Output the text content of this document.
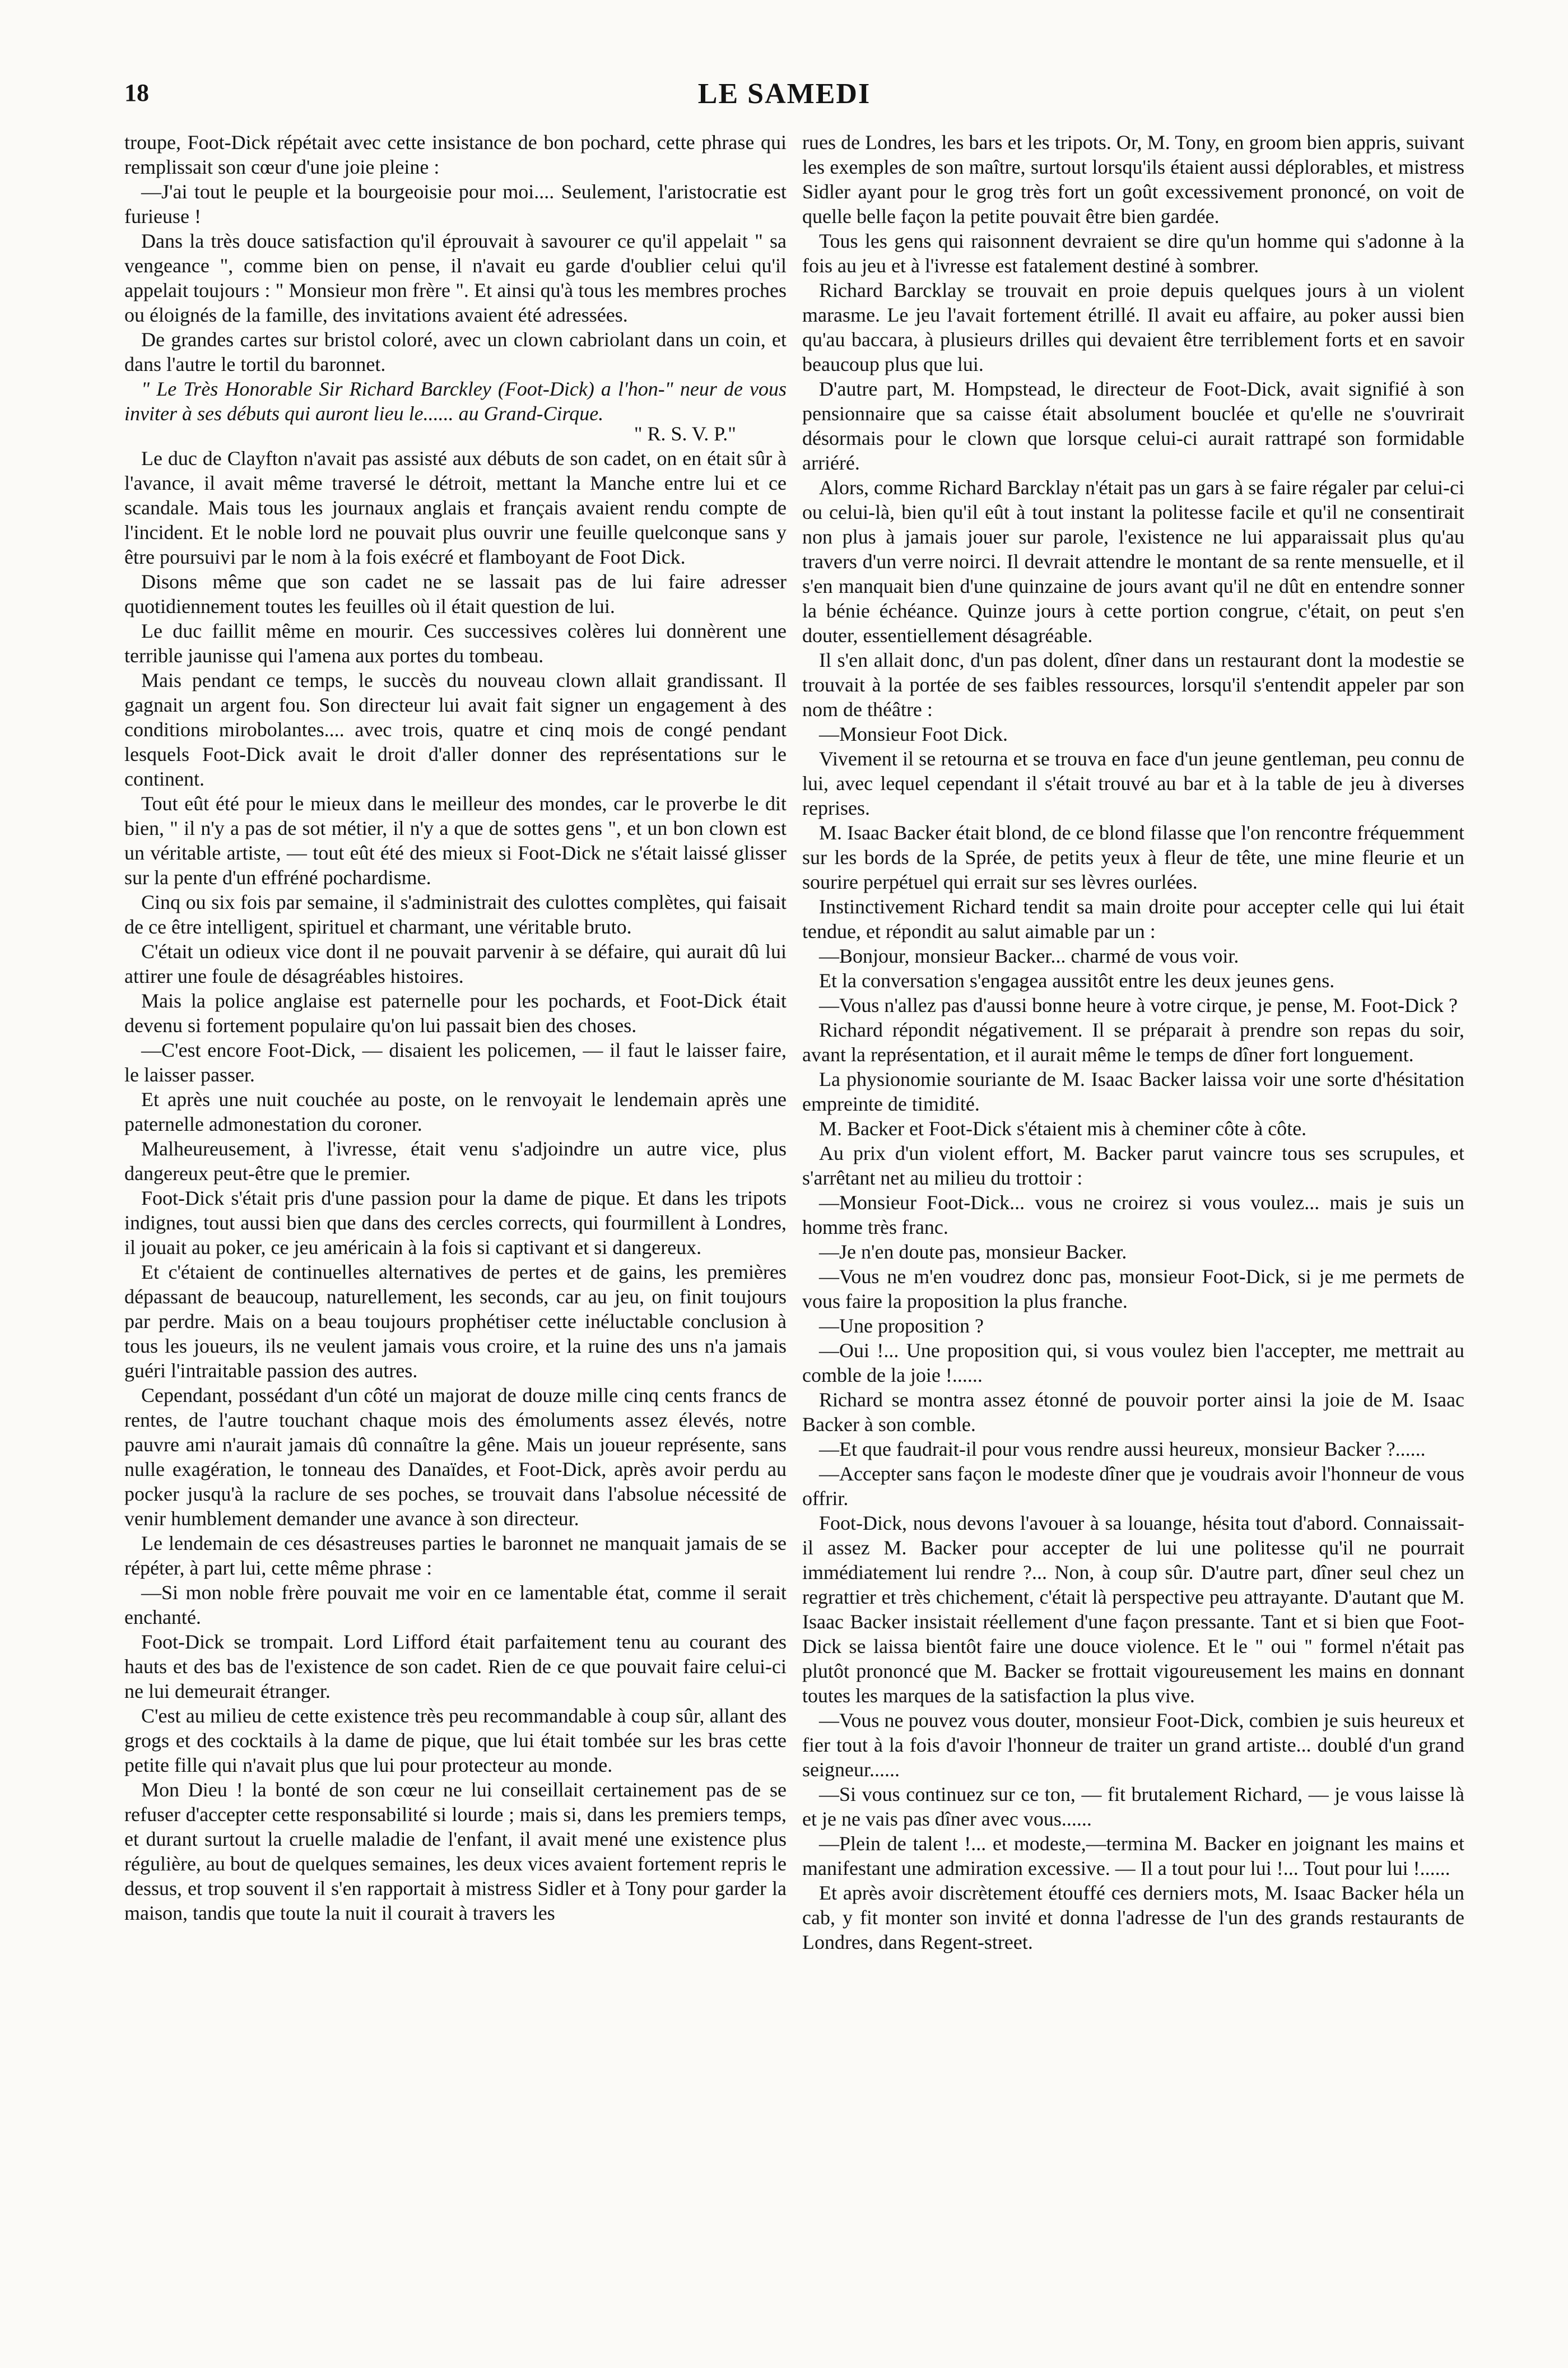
18	LE SAMEDI

troupe, Foot-Dick répétait avec cette insistance de bon pochard, cette phrase qui remplissait son cœur d'une joie pleine :

—J'ai tout le peuple et la bourgeoisie pour moi.... Seulement, l'aristocratie est furieuse !

Dans la très douce satisfaction qu'il éprouvait à savourer ce qu'il appelait " sa vengeance ", comme bien on pense, il n'avait eu garde d'oublier celui qu'il appelait toujours : " Monsieur mon frère ". Et ainsi qu'à tous les membres proches ou éloignés de la famille, des invitations avaient été adressées.

De grandes cartes sur bristol coloré, avec un clown cabriolant dans un coin, et dans l'autre le tortil du baronnet.

" Le Très Honorable Sir Richard Barckley (Foot-Dick) a l'hon-" neur de vous inviter à ses débuts qui auront lieu le...... au Grand-Cirque.

" R. S. V. P."

Le duc de Clayfton n'avait pas assisté aux débuts de son cadet, on en était sûr à l'avance, il avait même traversé le détroit, mettant la Manche entre lui et ce scandale. Mais tous les journaux anglais et français avaient rendu compte de l'incident. Et le noble lord ne pouvait plus ouvrir une feuille quelconque sans y être poursuivi par le nom à la fois exécré et flamboyant de Foot Dick.

Disons même que son cadet ne se lassait pas de lui faire adresser quotidiennement toutes les feuilles où il était question de lui.

Le duc faillit même en mourir. Ces successives colères lui donnèrent une terrible jaunisse qui l'amena aux portes du tombeau.

Mais pendant ce temps, le succès du nouveau clown allait grandissant. Il gagnait un argent fou. Son directeur lui avait fait signer un engagement à des conditions mirobolantes.... avec trois, quatre et cinq mois de congé pendant lesquels Foot-Dick avait le droit d'aller donner des représentations sur le continent.

Tout eût été pour le mieux dans le meilleur des mondes, car le proverbe le dit bien, " il n'y a pas de sot métier, il n'y a que de sottes gens ", et un bon clown est un véritable artiste, — tout eût été des mieux si Foot-Dick ne s'était laissé glisser sur la pente d'un effréné pochardisme.

Cinq ou six fois par semaine, il s'administrait des culottes complètes, qui faisait de ce être intelligent, spirituel et charmant, une véritable bruto.

C'était un odieux vice dont il ne pouvait parvenir à se défaire, qui aurait dû lui attirer une foule de désagréables histoires.

Mais la police anglaise est paternelle pour les pochards, et Foot-Dick était devenu si fortement populaire qu'on lui passait bien des choses.

—C'est encore Foot-Dick, — disaient les policemen, — il faut le laisser faire, le laisser passer.

Et après une nuit couchée au poste, on le renvoyait le lendemain après une paternelle admonestation du coroner.

Malheureusement, à l'ivresse, était venu s'adjoindre un autre vice, plus dangereux peut-être que le premier.

Foot-Dick s'était pris d'une passion pour la dame de pique. Et dans les tripots indignes, tout aussi bien que dans des cercles corrects, qui fourmillent à Londres, il jouait au poker, ce jeu américain à la fois si captivant et si dangereux.

Et c'étaient de continuelles alternatives de pertes et de gains, les premières dépassant de beaucoup, naturellement, les seconds, car au jeu, on finit toujours par perdre. Mais on a beau toujours prophétiser cette inéluctable conclusion à tous les joueurs, ils ne veulent jamais vous croire, et la ruine des uns n'a jamais guéri l'intraitable passion des autres.

Cependant, possédant d'un côté un majorat de douze mille cinq cents francs de rentes, de l'autre touchant chaque mois des émoluments assez élevés, notre pauvre ami n'aurait jamais dû connaître la gêne. Mais un joueur représente, sans nulle exagération, le tonneau des Danaïdes, et Foot-Dick, après avoir perdu au pocker jusqu'à la raclure de ses poches, se trouvait dans l'absolue nécessité de venir humblement demander une avance à son directeur.

Le lendemain de ces désastreuses parties le baronnet ne manquait jamais de se répéter, à part lui, cette même phrase :

—Si mon noble frère pouvait me voir en ce lamentable état, comme il serait enchanté.

Foot-Dick se trompait. Lord Lifford était parfaitement tenu au courant des hauts et des bas de l'existence de son cadet. Rien de ce que pouvait faire celui-ci ne lui demeurait étranger.

C'est au milieu de cette existence très peu recommandable à coup sûr, allant des grogs et des cocktails à la dame de pique, que lui était tombée sur les bras cette petite fille qui n'avait plus que lui pour protecteur au monde.

Mon Dieu ! la bonté de son cœur ne lui conseillait certainement pas de se refuser d'accepter cette responsabilité si lourde ; mais si, dans les premiers temps, et durant surtout la cruelle maladie de l'enfant, il avait mené une existence plus régulière, au bout de quelques semaines, les deux vices avaient fortement repris le dessus, et trop souvent il s'en rapportait à mistress Sidler et à Tony pour garder la maison, tandis que toute la nuit il courait à travers les

rues de Londres, les bars et les tripots. Or, M. Tony, en groom bien appris, suivant les exemples de son maître, surtout lorsqu'ils étaient aussi déplorables, et mistress Sidler ayant pour le grog très fort un goût excessivement prononcé, on voit de quelle belle façon la petite pouvait être bien gardée.

Tous les gens qui raisonnent devraient se dire qu'un homme qui s'adonne à la fois au jeu et à l'ivresse est fatalement destiné à sombrer.

Richard Barcklay se trouvait en proie depuis quelques jours à un violent marasme. Le jeu l'avait fortement étrillé. Il avait eu affaire, au poker aussi bien qu'au baccara, à plusieurs drilles qui devaient être terriblement forts et en savoir beaucoup plus que lui.

D'autre part, M. Hompstead, le directeur de Foot-Dick, avait signifié à son pensionnaire que sa caisse était absolument bouclée et qu'elle ne s'ouvrirait désormais pour le clown que lorsque celui-ci aurait rattrapé son formidable arriéré.

Alors, comme Richard Barcklay n'était pas un gars à se faire régaler par celui-ci ou celui-là, bien qu'il eût à tout instant la politesse facile et qu'il ne consentirait non plus à jamais jouer sur parole, l'existence ne lui apparaissait plus qu'au travers d'un verre noirci. Il devrait attendre le montant de sa rente mensuelle, et il s'en manquait bien d'une quinzaine de jours avant qu'il ne dût en entendre sonner la bénie échéance. Quinze jours à cette portion congrue, c'était, on peut s'en douter, essentiellement désagréable.

Il s'en allait donc, d'un pas dolent, dîner dans un restaurant dont la modestie se trouvait à la portée de ses faibles ressources, lorsqu'il s'entendit appeler par son nom de théâtre :

—Monsieur Foot Dick.

Vivement il se retourna et se trouva en face d'un jeune gentleman, peu connu de lui, avec lequel cependant il s'était trouvé au bar et à la table de jeu à diverses reprises.

M. Isaac Backer était blond, de ce blond filasse que l'on rencontre fréquemment sur les bords de la Sprée, de petits yeux à fleur de tête, une mine fleurie et un sourire perpétuel qui errait sur ses lèvres ourlées.

Instinctivement Richard tendit sa main droite pour accepter celle qui lui était tendue, et répondit au salut aimable par un :

—Bonjour, monsieur Backer... charmé de vous voir.

Et la conversation s'engagea aussitôt entre les deux jeunes gens.

—Vous n'allez pas d'aussi bonne heure à votre cirque, je pense, M. Foot-Dick ?

Richard répondit négativement. Il se préparait à prendre son repas du soir, avant la représentation, et il aurait même le temps de dîner fort longuement.

La physionomie souriante de M. Isaac Backer laissa voir une sorte d'hésitation empreinte de timidité.

M. Backer et Foot-Dick s'étaient mis à cheminer côte à côte.

Au prix d'un violent effort, M. Backer parut vaincre tous ses scrupules, et s'arrêtant net au milieu du trottoir :

—Monsieur Foot-Dick... vous ne croirez si vous voulez... mais je suis un homme très franc.

—Je n'en doute pas, monsieur Backer.

—Vous ne m'en voudrez donc pas, monsieur Foot-Dick, si je me permets de vous faire la proposition la plus franche.

—Une proposition ?

—Oui !... Une proposition qui, si vous voulez bien l'accepter, me mettrait au comble de la joie !......

Richard se montra assez étonné de pouvoir porter ainsi la joie de M. Isaac Backer à son comble.

—Et que faudrait-il pour vous rendre aussi heureux, monsieur Backer ?......

—Accepter sans façon le modeste dîner que je voudrais avoir l'honneur de vous offrir.

Foot-Dick, nous devons l'avouer à sa louange, hésita tout d'abord. Connaissait-il assez M. Backer pour accepter de lui une politesse qu'il ne pourrait immédiatement lui rendre ?... Non, à coup sûr. D'autre part, dîner seul chez un regrattier et très chichement, c'était là perspective peu attrayante. D'autant que M. Isaac Backer insistait réellement d'une façon pressante. Tant et si bien que Foot-Dick se laissa bientôt faire une douce violence. Et le " oui " formel n'était pas plutôt prononcé que M. Backer se frottait vigoureusement les mains en donnant toutes les marques de la satisfaction la plus vive.

—Vous ne pouvez vous douter, monsieur Foot-Dick, combien je suis heureux et fier tout à la fois d'avoir l'honneur de traiter un grand artiste... doublé d'un grand seigneur......

—Si vous continuez sur ce ton, — fit brutalement Richard, — je vous laisse là et je ne vais pas dîner avec vous......

—Plein de talent !... et modeste,—termina M. Backer en joignant les mains et manifestant une admiration excessive. — Il a tout pour lui !... Tout pour lui !......

Et après avoir discrètement étouffé ces derniers mots, M. Isaac Backer héla un cab, y fit monter son invité et donna l'adresse de l'un des grands restaurants de Londres, dans Regent-street.
